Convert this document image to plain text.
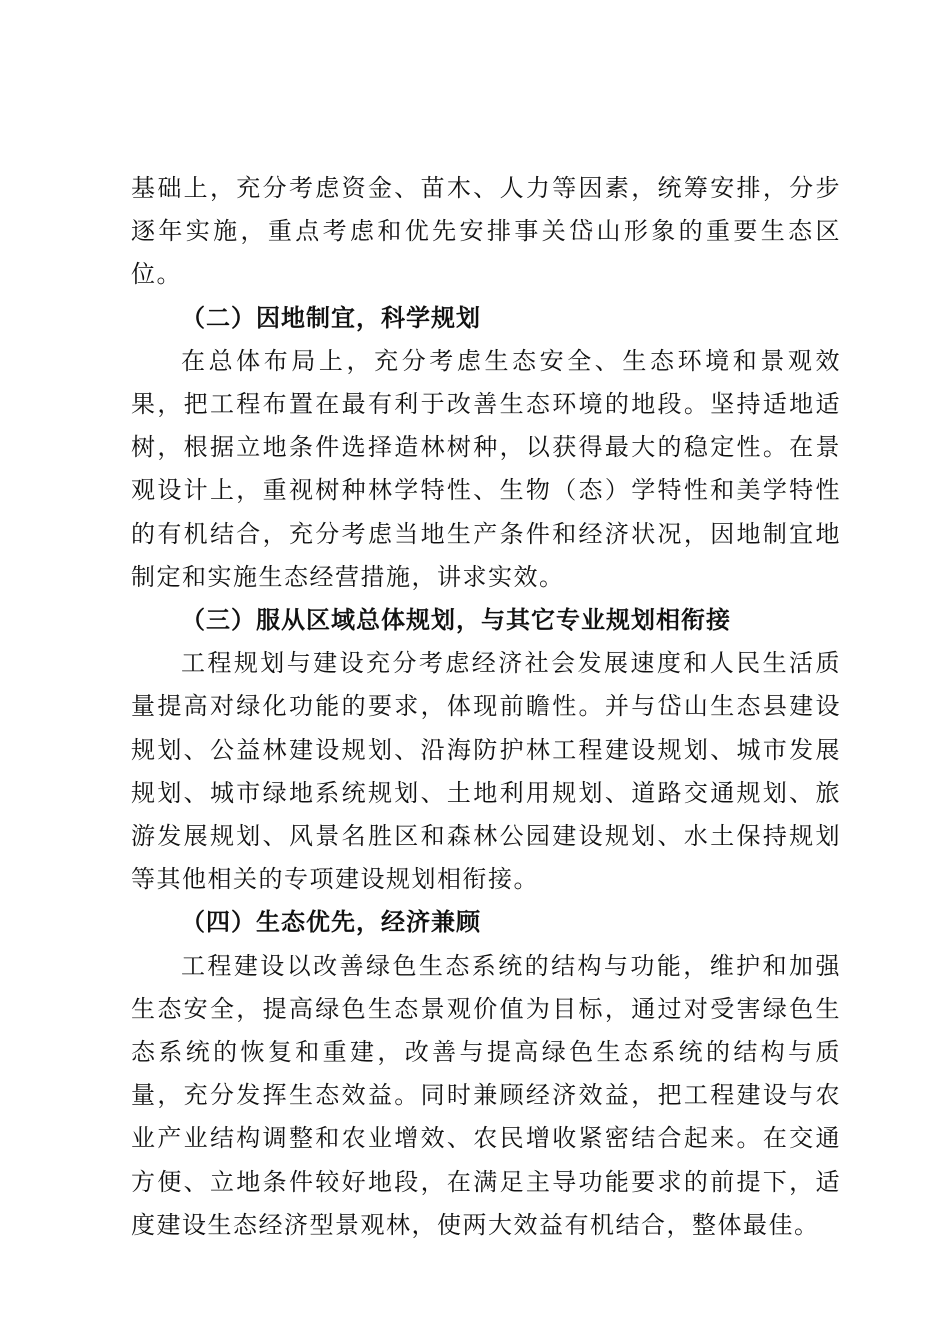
基础上，充分考虑资金、苗木、人力等因素，统筹安排，分步逐年实施，重点考虑和优先安排事关岱山形象的重要生态区位。

（二）因地制宜，科学规划

在总体布局上，充分考虑生态安全、生态环境和景观效果，把工程布置在最有利于改善生态环境的地段。坚持适地适树，根据立地条件选择造林树种，以获得最大的稳定性。在景观设计上，重视树种林学特性、生物（态）学特性和美学特性的有机结合，充分考虑当地生产条件和经济状况，因地制宜地制定和实施生态经营措施，讲求实效。

（三）服从区域总体规划，与其它专业规划相衔接

工程规划与建设充分考虑经济社会发展速度和人民生活质量提高对绿化功能的要求，体现前瞻性。并与岱山生态县建设规划、公益林建设规划、沿海防护林工程建设规划、城市发展规划、城市绿地系统规划、土地利用规划、道路交通规划、旅游发展规划、风景名胜区和森林公园建设规划、水土保持规划等其他相关的专项建设规划相衔接。

（四）生态优先，经济兼顾

工程建设以改善绿色生态系统的结构与功能，维护和加强生态安全，提高绿色生态景观价值为目标，通过对受害绿色生态系统的恢复和重建，改善与提高绿色生态系统的结构与质量，充分发挥生态效益。同时兼顾经济效益，把工程建设与农业产业结构调整和农业增效、农民增收紧密结合起来。在交通方便、立地条件较好地段，在满足主导功能要求的前提下，适度建设生态经济型景观林，使两大效益有机结合，整体最佳。
